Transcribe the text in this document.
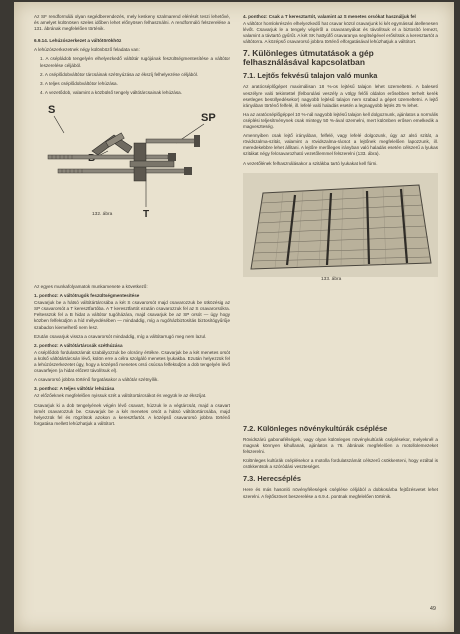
Az SF rendformálá olyan segédberendezés, mely keskeny szalmarend elérését teszi lehetővé, és amelyet különösen szeles időben lehet előnyösen felhasználni. A rendformáló felszerelése a 131. ábrának megfelelően történik.

6.9.14. Lehúzószerkezet a váltótörökhöz

A lehúzószerkezetnek négy különböző feladata van:

1. A csépládob tengelyén elhelyezkedő váltótár rugójának feszültségmentesítése a váltótor leszerelése céljából.

2. A cséplődobváltótor tárcsáinak szétnyúzása az ékszíj felhelyezése céljából.

3. A teljes cséplődobváltótor lehúzása.

4. A vezetődob, valamint a közbülső tengely váltótárcsainak lehúzása.

S
SP
T
132. ábra

Az egyes munkafolyamatok munkamenete a következő:

1. ponthoz: A váltótrugók feszültségmentesítése

Csavarjuk be a hátsó váltótártárcsába a két S csavarorsót majd csavarozzuk be ütközésig az SP csavarorsót a T keresztfartóba. A T keresztfartót ezután csavarozzuk fel az S csavarorsókra. Feltesszük fel a B hidat a váltótor tugóházára, majd csavarjuk be az SP orsót — úgy hogy közben felfeküdjön a híd mélyedésében — mindaddig, míg a rugóházbiztosítás biztosítógyűrűje szabadon kiemelhető nem lesz.

Ezután csavarjuk vissza a csavarorsót mindaddig, míg a váltótarrugó meg nem lazul.

2. ponthoz: A váltótártárcsák széthúzása

A cséplődob fordulatszámát szabályozzuk be olcsóny értékre. Csavarjuk be a két menetes orsót a külső váltótártárcsán lévő, külön erre a célra szolgáló menetes lyukakba. Ezután helyezzük fel a lehúzószerkezetet úgy, hogy a középső menetes orsó csúcsa felfeküdjön a dob tengelyén lévő csavarfejen (a hidat előzetr távolítsuk el).

A csavarorsó jobbra történő forgatásakor a váltótár szétnyílik.

3. ponthoz: A teljes váltótár lehúzása

Az előzőeknek megfelelően nyissuk szét a váltótortárcsákot és vegyük le az ékszíjat.

Csavarjuk ki a dob tengelyének végén lévő csavart, húzzuk le a végtárcsát, majd a csavart ismét csavarozzuk be. Csavarjuk be a két menetes orsót a hátsó váltótortárcsába, majd helyezzük fel és rögzítsük azokon a keresztfartót. A középső csavarorsó jobbra történő forgatása mellett lehúzhatjuk a váltótort.

4. ponthoz: Csak a T keresztartót, valamint az S menetes orsókat használjuk fel

A váltótor homlokrészén elhelyezkedő hat csavar közül csavarjunk ki két egymással átellenesen lévőt. Csavarjuk le a tengely végéről a csavaranyákat és távolítsuk el a biztosító lemezt, valamint a távtartó gyűrűt. A két SK hattyúfő csavaranya segítségével erősítsük a keresztartót a váltótorra. A középső csavarorsó jobbra történő elforgatásával lehúzhatjuk a váltótort.

7. Különleges útmutatások a gép felhasználásával kapcsolatban
7.1. Lejtős fekvésű talajon való munka

Az aratócséplőgépet maximálisan 18 %-os lejtésű talajon lehet üzemeltetni. A balesetí veszélyre való tekintettel (felborulási veszély a völgy felőli oldalon erősebben terhelt kerék esetleges besüllyedésekor) nagyobb lejtésű talajon nem szabad a gépet üzemeltetni. A lejtő irányában történő felfelé, ill. lefelé való haladás esetén a legnagyobb lejtés 25 % lehet.

Ha az aratócséplőgéppel 10 %-nál nagyobb lejtésű talajon kell dolgoznunk, ajánlatos a normális cséplési teljesítménynek csak mintegy 50 %-ával üzemelni, mert különben erősen emelkedik a magveszteség.

Amennyiben csak lejtő irányában, felfelé, vagy lefelé dolgozunk, úgy az alsó szitát, a rövidszalma-szitát, valamint a rövidszalma-rácsot a lejtőnek megfelelően lapozzunk, ill. meredekebbre lehet állítani. A lejtőre merőleges irányban való haladás esetén célszerű a lyukas szitákat négy felcsavarozható vezetőlemmel felszerelni (133. ábra).

A vezetőlének felhasználásakor a szitákba tartó lyukakat kell fúrni.

133. ábra
7.2. Különleges növénykultúrák cséplése

Rövidszárú gabonafélségek, vagy olyan különleges növénykultúrák cséplésekor, melyeknél a magvak könnyen kihullanak, ajánlatos a 76. ábrának megfelelően a motollolemezeket felszerelni.

Különleges kultúrák cséplésekor a motolla fordulatszámát célszerű csökkenteni, hogy ezáltal is csökkentsük a szóródási veszteséget.

7.3. Herecséplés

Here és más hasonló növényféleségek cséplése céljából a dobkosárba fejtőzésvetet lehet szerelni. A fejtőszövet beszerelése a 6.9.4. pontnak megfelelően történik.

49
